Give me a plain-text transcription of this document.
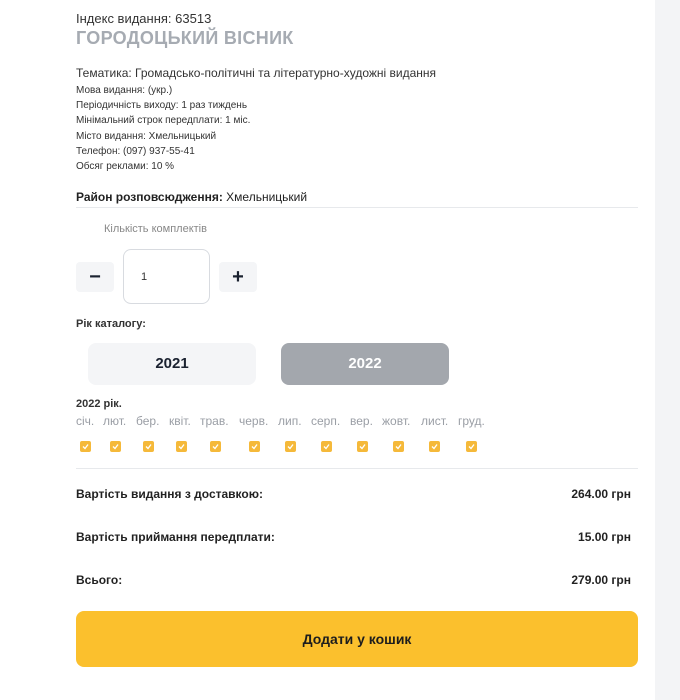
Індекс видання: 63513
ГОРОДОЦЬКИЙ ВІСНИК
Тематика: Громадсько-політичні та літературно-художні видання
Мова видання: (укр.)
Періодичність виходу: 1 раз тиждень
Мінімальний строк передплати: 1 міс.
Місто видання: Хмельницький
Телефон: (097) 937-55-41
Обсяг реклами: 10 %
Район розповсюдження: Хмельницький
Кількість комплектів
−
1	+
Рік каталогу:
2021	2022
2022 рік.
січ. лют. бер. квіт. трав. черв. лип. серп. вер. жовт. лист. груд.
Вартість видання з доставкою:	264.00 грн
Вартість приймання передплати:	15.00 грн
Всього:	279.00 грн
Додати у кошик
